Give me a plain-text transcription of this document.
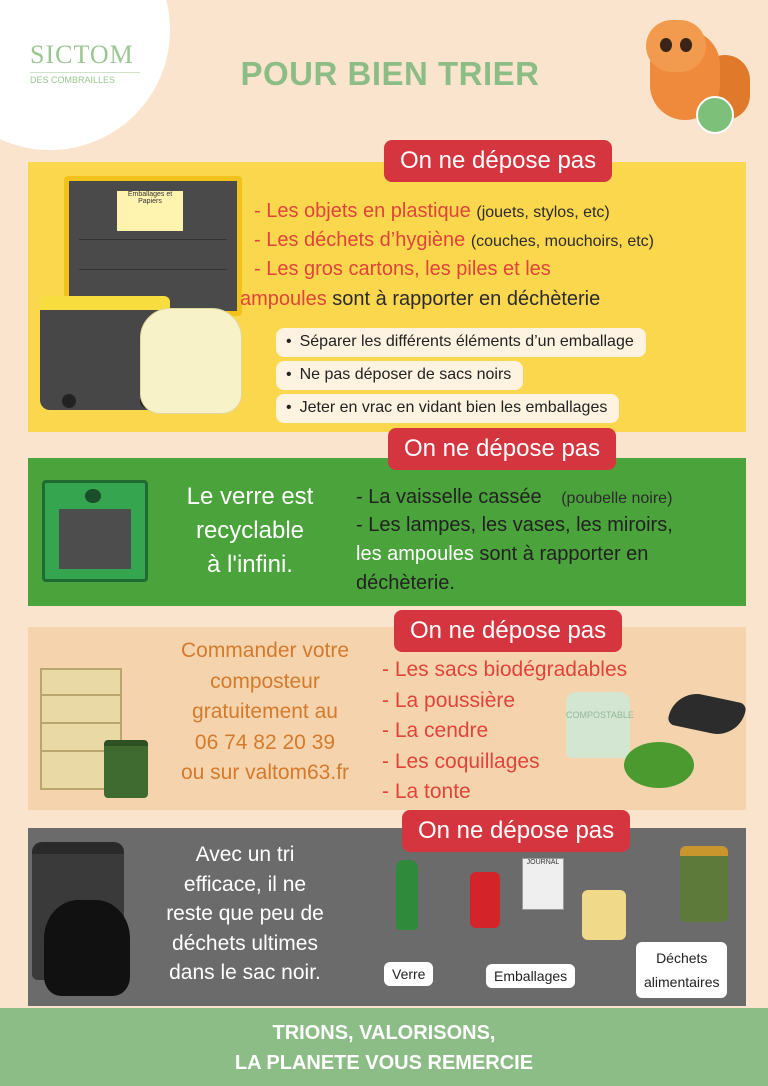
SICTOM
DES COMBRAILLES	POUR BIEN TRIER
Emballages et Papiers
On ne dépose pas
- Les objets en plastique (jouets, stylos, etc)
- Les déchets d’hygiène (couches, mouchoirs, etc)
- Les gros cartons, les piles et les
ampoules sont à rapporter en déchèterie
• Séparer les différents éléments d’un emballage
• Ne pas déposer de sacs noirs
• Jeter en vrac en vidant bien les emballages
Le verre est
recyclable
à l'infini.
On ne dépose pas
- La vaisselle cassée (poubelle noire)
- Les lampes, les vases, les miroirs,
les ampoules sont à rapporter en
déchèterie.
Commander votre
composteur
gratuitement au
06 74 82 20 39
ou sur valtom63.fr
On ne dépose pas
- Les sacs biodégradables
- La poussière
- La cendre
- Les coquillages
- La tonte
COMPOSTABLE
Avec un tri
efficace, il ne
reste que peu de
déchets ultimes
dans le sac noir.
On ne dépose pas
JOURNAL
Verre	Emballages
Déchets
alimentaires
TRIONS, VALORISONS,
LA PLANETE VOUS REMERCIE
